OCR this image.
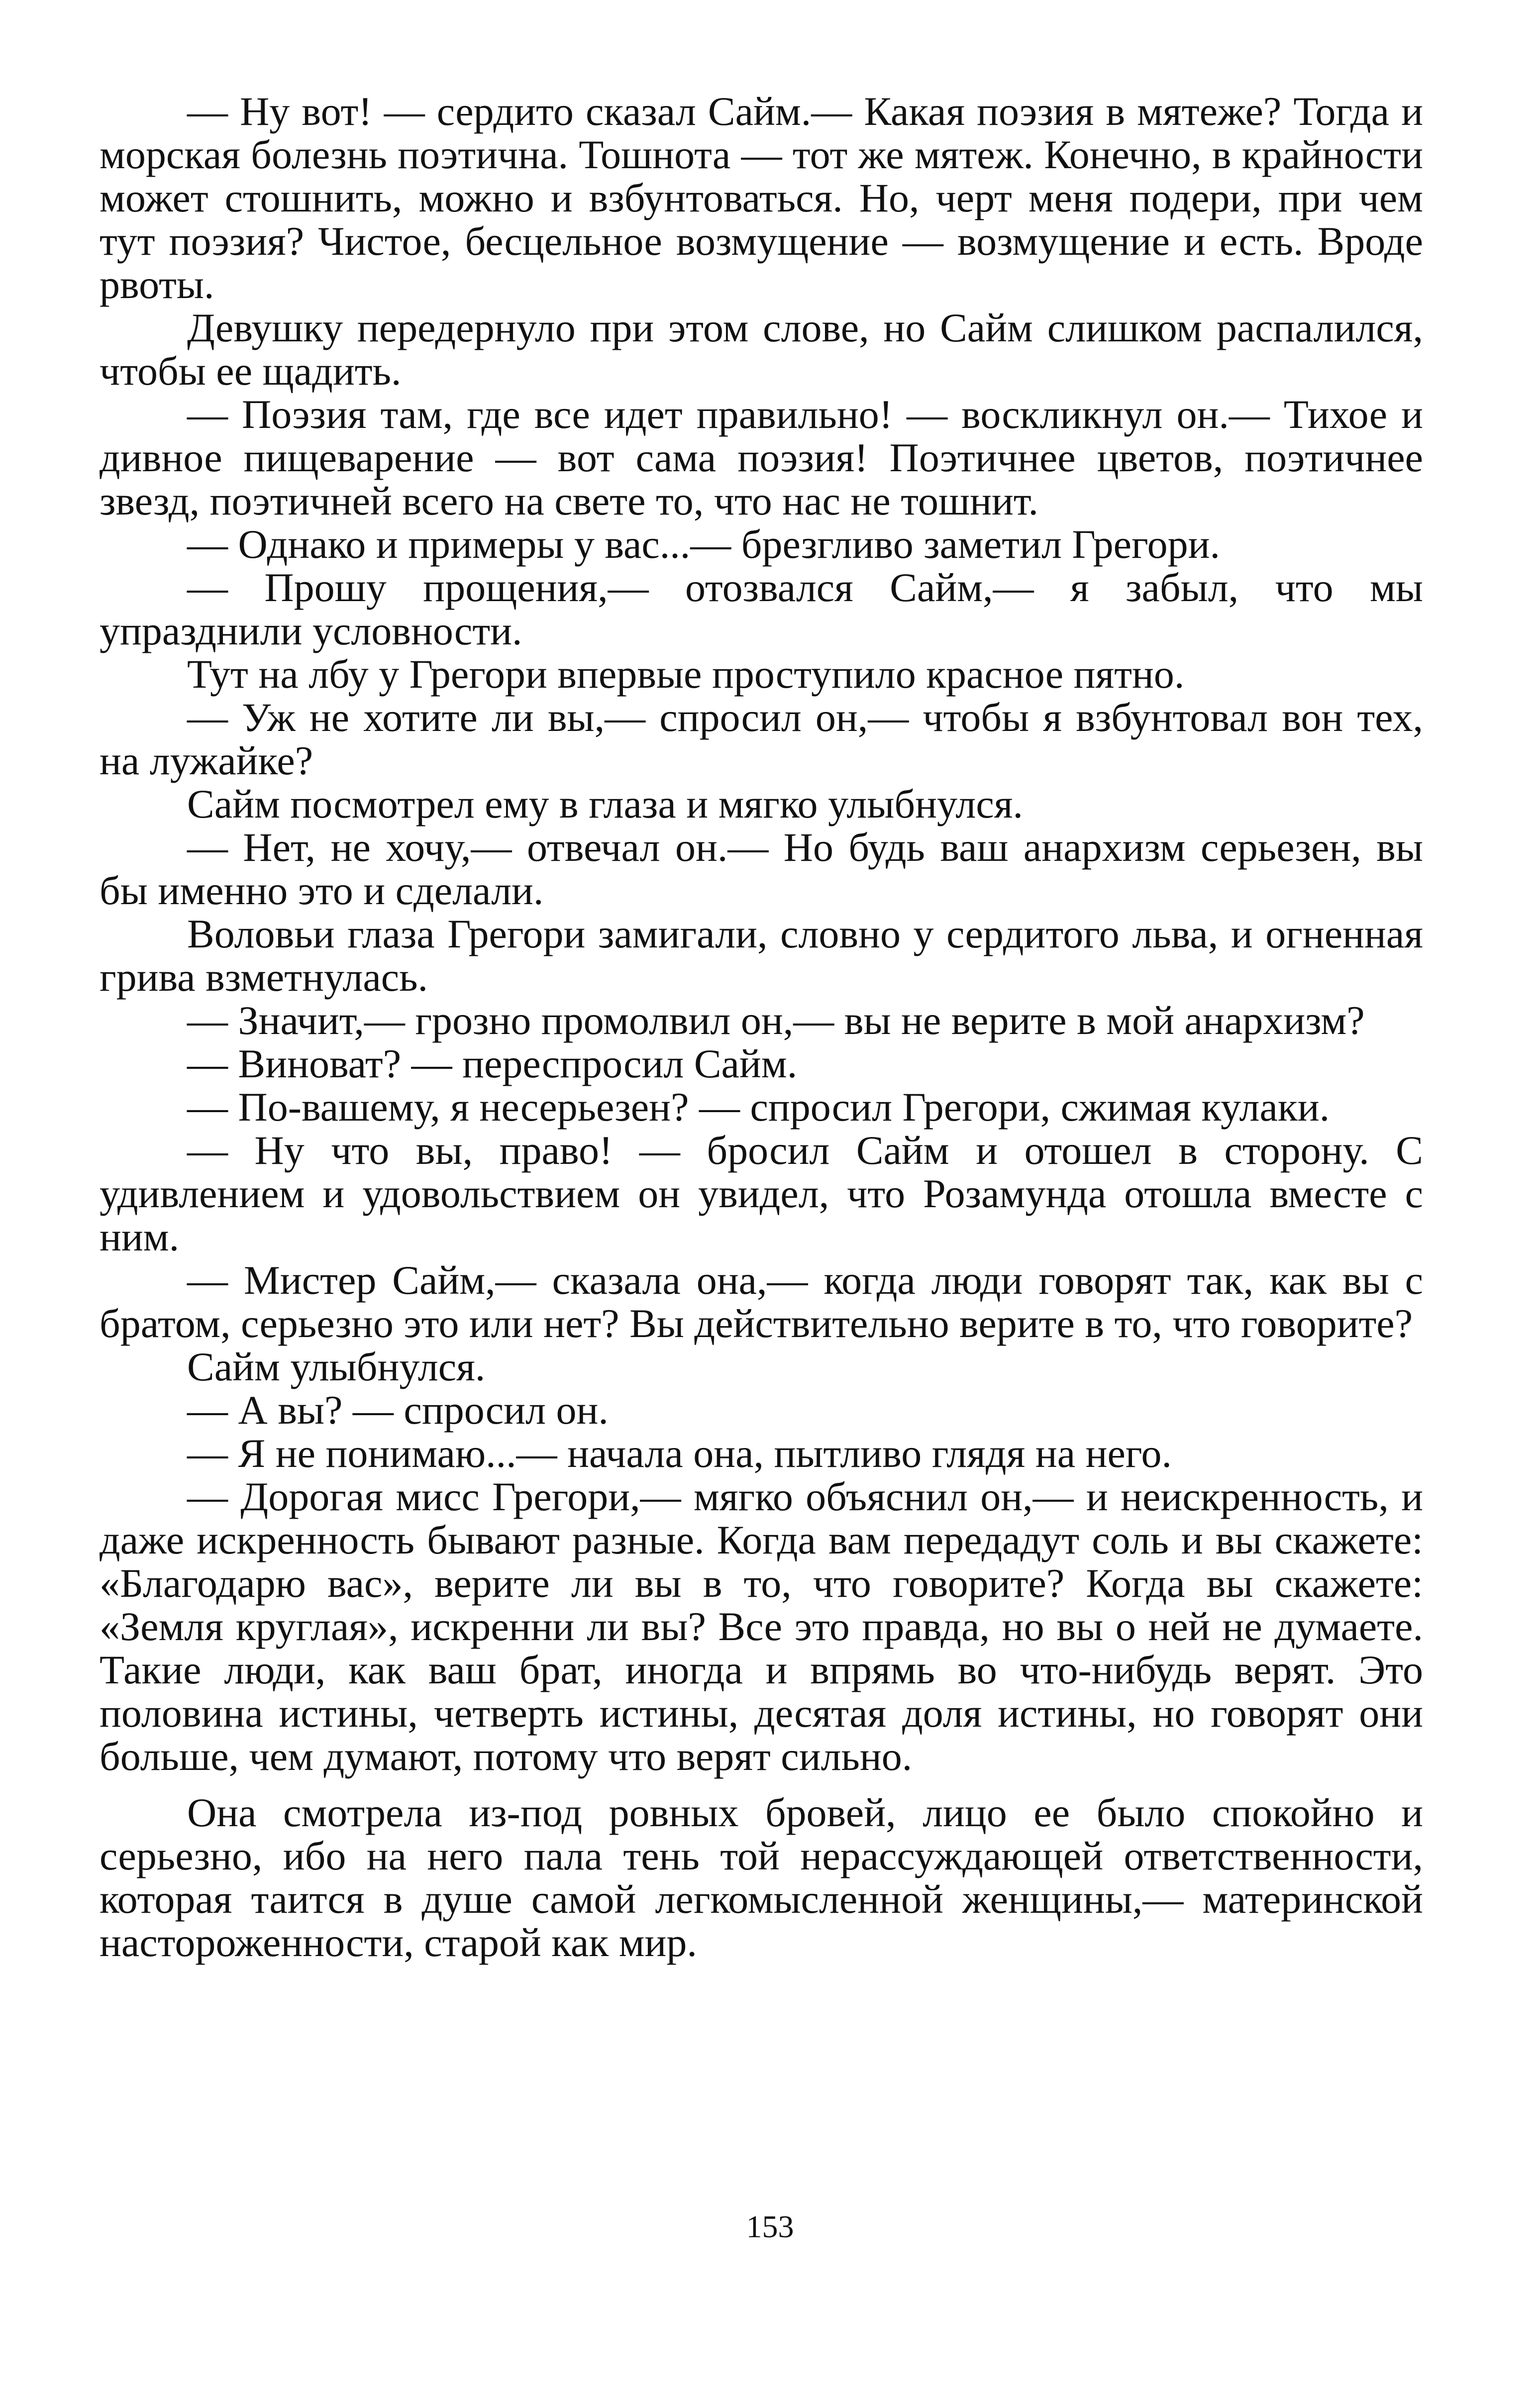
— Ну вот! — сердито сказал Сайм.— Какая поэзия в мятеже? Тогда и морская болезнь поэтична. Тошнота — тот же мятеж. Конечно, в крайности может стошнить, можно и взбунтоваться. Но, черт меня подери, при чем тут поэзия? Чистое, бесцельное возмущение — возмущение и есть. Вроде рвоты.

Девушку передернуло при этом слове, но Сайм слишком распалился, чтобы ее щадить.

— Поэзия там, где все идет правильно! — воскликнул он.— Тихое и дивное пищеварение — вот сама поэзия! Поэтичнее цветов, поэтичнее звезд, поэтичней всего на свете то, что нас не тошнит.

— Однако и примеры у вас...— брезгливо заметил Грегори.

— Прошу прощения,— отозвался Сайм,— я забыл, что мы упразднили условности.

Тут на лбу у Грегори впервые проступило красное пятно.

— Уж не хотите ли вы,— спросил он,— чтобы я взбунтовал вон тех, на лужайке?

Сайм посмотрел ему в глаза и мягко улыбнулся.

— Нет, не хочу,— отвечал он.— Но будь ваш анархизм серьезен, вы бы именно это и сделали.

Воловьи глаза Грегори замигали, словно у сердитого льва, и огненная грива взметнулась.

— Значит,— грозно промолвил он,— вы не верите в мой анархизм?

— Виноват? — переспросил Сайм.

— По-вашему, я несерьезен? — спросил Грегори, сжимая кулаки.

— Ну что вы, право! — бросил Сайм и отошел в сторону. С удивлением и удовольствием он увидел, что Розамунда отошла вместе с ним.

— Мистер Сайм,— сказала она,— когда люди говорят так, как вы с братом, серьезно это или нет? Вы действительно верите в то, что говорите?

Сайм улыбнулся.

— А вы? — спросил он.

— Я не понимаю...— начала она, пытливо глядя на него.

— Дорогая мисс Грегори,— мягко объяснил он,— и неискренность, и даже искренность бывают разные. Когда вам передадут соль и вы скажете: «Благодарю вас», верите ли вы в то, что говорите? Когда вы скажете: «Земля круглая», искренни ли вы? Все это правда, но вы о ней не думаете. Такие люди, как ваш брат, иногда и впрямь во что-нибудь верят. Это половина истины, четверть истины, десятая доля истины, но говорят они больше, чем думают, потому что верят сильно.

Она смотрела из-под ровных бровей, лицо ее было спокойно и серьезно, ибо на него пала тень той нерассуждающей ответственности, которая таится в душе самой легкомысленной женщины,— материнской настороженности, старой как мир.

153
